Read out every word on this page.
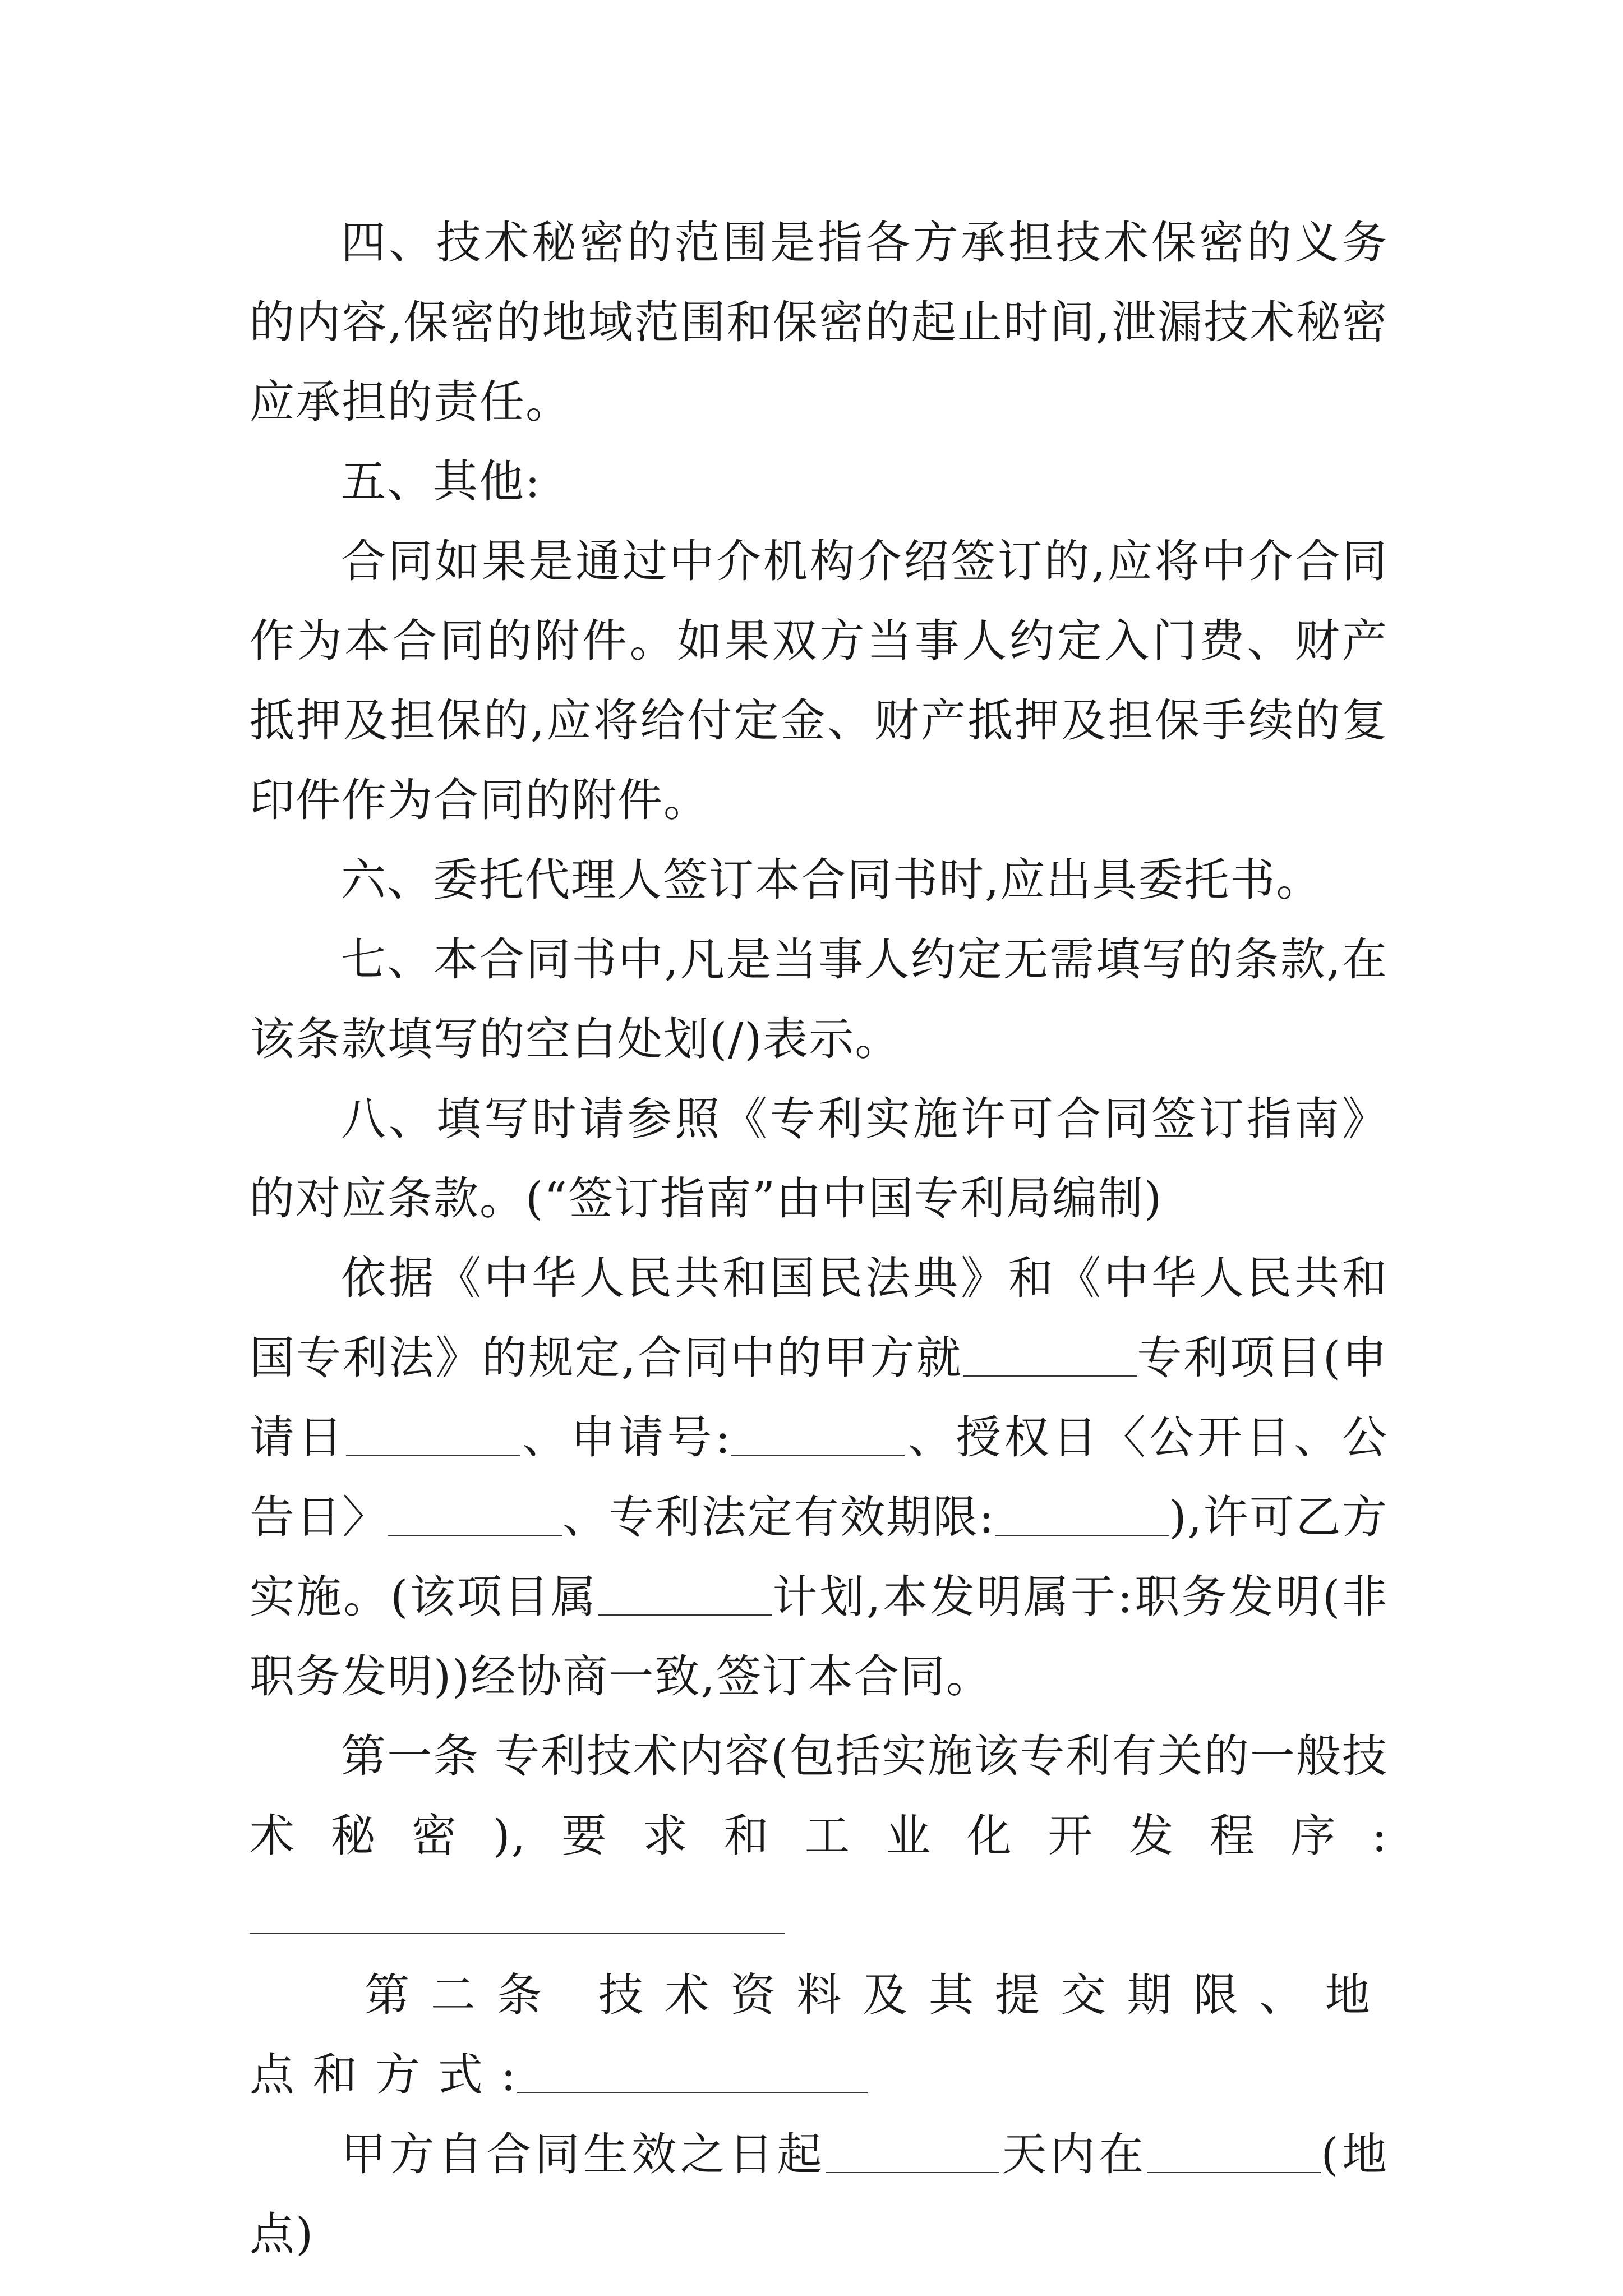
四、技术秘密的范围是指各方承担技术保密的义务的内容,保密的地域范围和保密的起止时间,泄漏技术秘密应承担的责任。

五、其他:

合同如果是通过中介机构介绍签订的,应将中介合同作为本合同的附件。如果双方当事人约定入门费、财产抵押及担保的,应将给付定金、财产抵押及担保手续的复印件作为合同的附件。

六、委托代理人签订本合同书时,应出具委托书。

七、本合同书中,凡是当事人约定无需填写的条款,在该条款填写的空白处划(/)表示。

八、填写时请参照《专利实施许可合同签订指南》的对应条款。(“签订指南”由中国专利局编制)

依据《中华人民共和国民法典》和《中华人民共和国专利法》的规定,合同中的甲方就	专利项目(申请日	、申请号:	、授权日〈公开日、公告日〉	、专利法定有效期限:	),许可乙方实施。(该项目属	计划,本发明属于:职务发明(非职务发明))经协商一致,签订本合同。

第一条 专利技术内容(包括实施该专利有关的一般技术秘密),要求和工业化开发程序:

第二条 技术资料及其提交期限、地点和方式:

甲方自合同生效之日起	天内在	(地点)
